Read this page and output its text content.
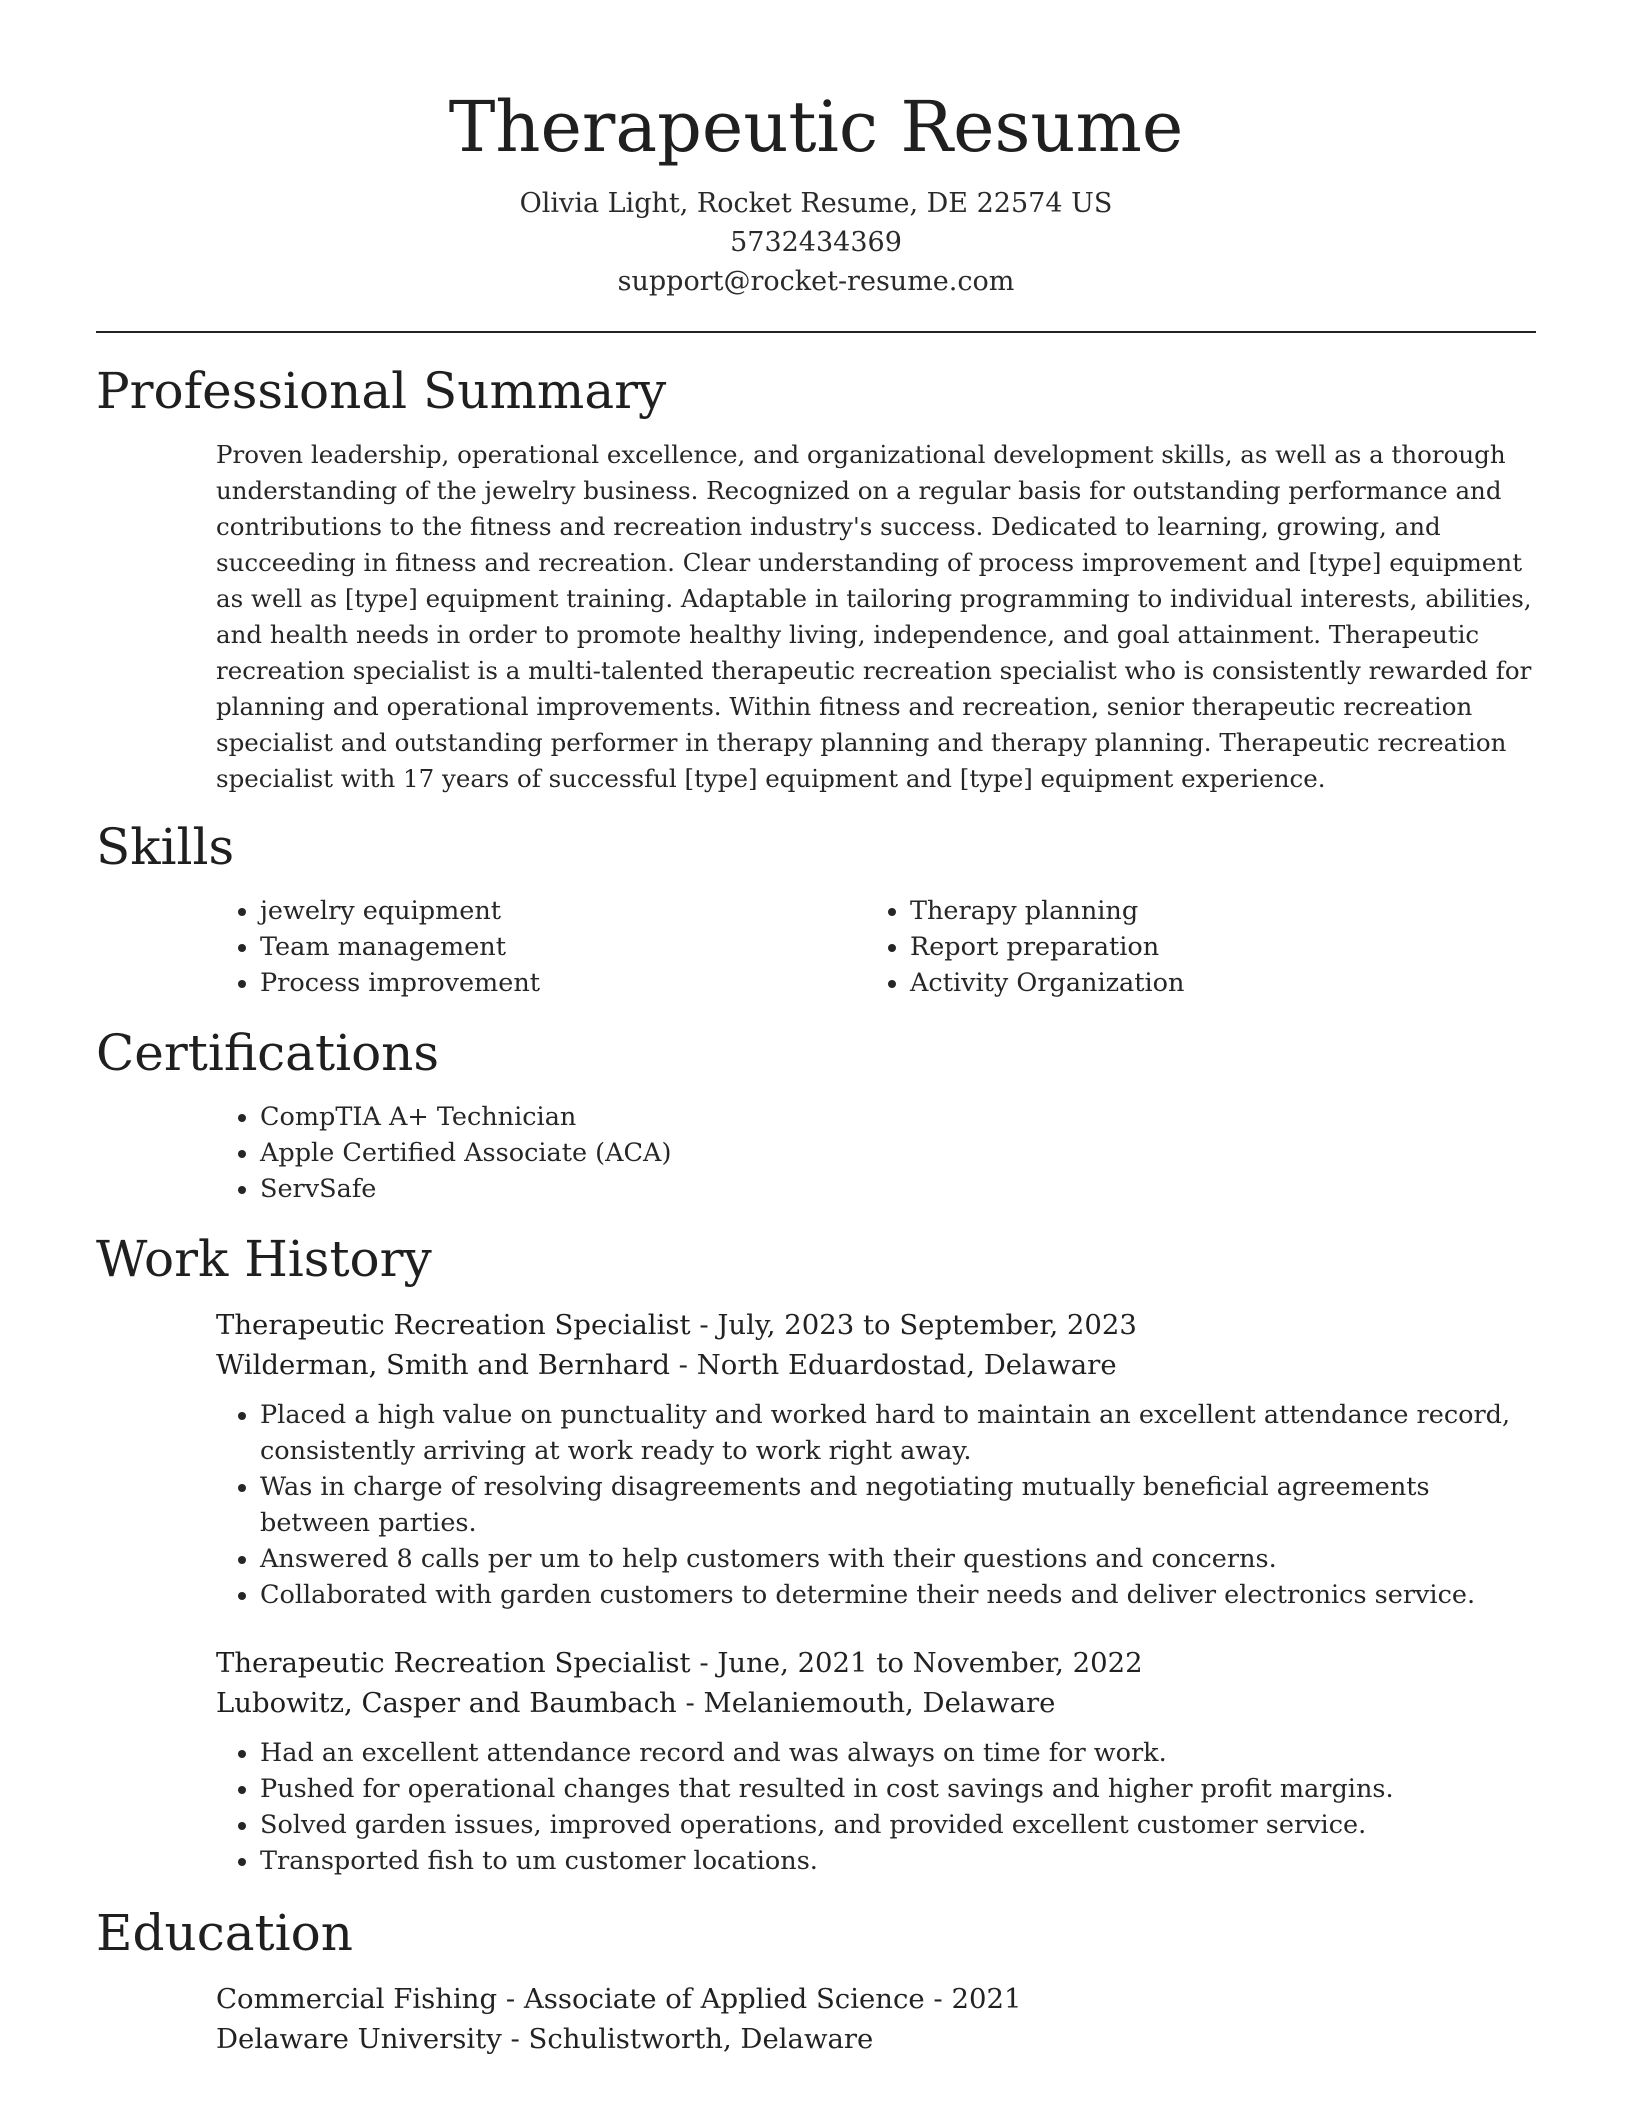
Therapeutic Resume
Olivia Light, Rocket Resume, DE 22574 US
5732434369
support@rocket-resume.com
Professional Summary
Proven leadership, operational excellence, and organizational development skills, as well as a thorough understanding of the jewelry business. Recognized on a regular basis for outstanding performance and contributions to the fitness and recreation industry's success. Dedicated to learning, growing, and succeeding in fitness and recreation. Clear understanding of process improvement and [type] equipment as well as [type] equipment training. Adaptable in tailoring programming to individual interests, abilities, and health needs in order to promote healthy living, independence, and goal attainment. Therapeutic recreation specialist is a multi-talented therapeutic recreation specialist who is consistently rewarded for planning and operational improvements. Within fitness and recreation, senior therapeutic recreation specialist and outstanding performer in therapy planning and therapy planning. Therapeutic recreation specialist with 17 years of successful [type] equipment and [type] equipment experience.
Skills
• jewelry equipment
• Team management
• Process improvement
• Therapy planning
• Report preparation
• Activity Organization
Certifications
• CompTIA A+ Technician
• Apple Certified Associate (ACA)
• ServSafe
Work History
Therapeutic Recreation Specialist - July, 2023 to September, 2023
Wilderman, Smith and Bernhard - North Eduardostad, Delaware
• Placed a high value on punctuality and worked hard to maintain an excellent attendance record, consistently arriving at work ready to work right away.
• Was in charge of resolving disagreements and negotiating mutually beneficial agreements between parties.
• Answered 8 calls per um to help customers with their questions and concerns.
• Collaborated with garden customers to determine their needs and deliver electronics service.
Therapeutic Recreation Specialist - June, 2021 to November, 2022
Lubowitz, Casper and Baumbach - Melaniemouth, Delaware
• Had an excellent attendance record and was always on time for work.
• Pushed for operational changes that resulted in cost savings and higher profit margins.
• Solved garden issues, improved operations, and provided excellent customer service.
• Transported fish to um customer locations.
Education
Commercial Fishing - Associate of Applied Science - 2021
Delaware University - Schulistworth, Delaware
